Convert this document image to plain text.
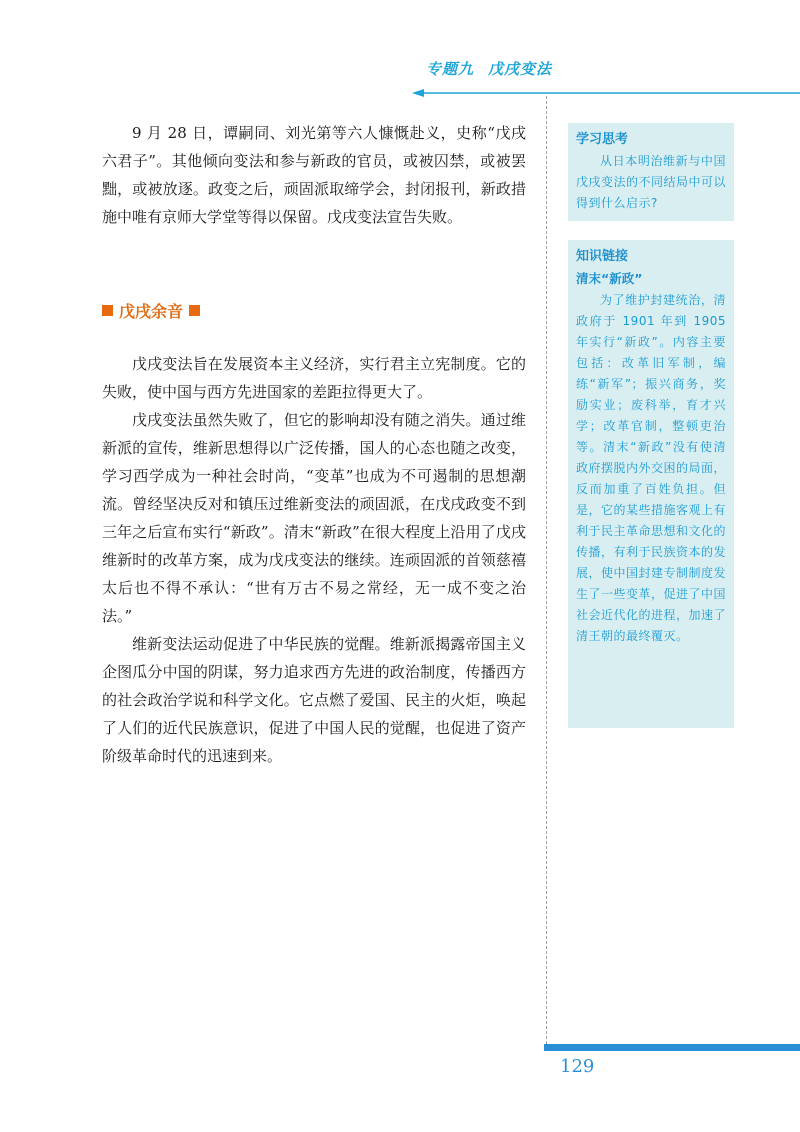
专题九 戊戌变法

9 月 28 日，谭嗣同、刘光第等六人慷慨赴义，史称“戊戌六君子”。其他倾向变法和参与新政的官员，或被囚禁，或被罢黜，或被放逐。政变之后，顽固派取缔学会，封闭报刊，新政措施中唯有京师大学堂等得以保留。戊戌变法宣告失败。

戊戌余音

戊戌变法旨在发展资本主义经济，实行君主立宪制度。它的失败，使中国与西方先进国家的差距拉得更大了。

戊戌变法虽然失败了，但它的影响却没有随之消失。通过维新派的宣传，维新思想得以广泛传播，国人的心态也随之改变，学习西学成为一种社会时尚，“变革”也成为不可遏制的思想潮流。曾经坚决反对和镇压过维新变法的顽固派，在戊戌政变不到三年之后宣布实行“新政”。清末“新政”在很大程度上沿用了戊戌维新时的改革方案，成为戊戌变法的继续。连顽固派的首领慈禧太后也不得不承认：“世有万古不易之常经，无一成不变之治法。”

维新变法运动促进了中华民族的觉醒。维新派揭露帝国主义企图瓜分中国的阴谋，努力追求西方先进的政治制度，传播西方的社会政治学说和科学文化。它点燃了爱国、民主的火炬，唤起了人们的近代民族意识，促进了中国人民的觉醒，也促进了资产阶级革命时代的迅速到来。

学习思考

从日本明治维新与中国戊戌变法的不同结局中可以得到什么启示?

知识链接
清末“新政”

为了维护封建统治，清政府于 1901 年到 1905 年实行“新政”。内容主要包括：改革旧军制，编练“新军”；振兴商务，奖励实业；废科举，育才兴学；改革官制，整顿吏治等。清末“新政”没有使清政府摆脱内外交困的局面，反而加重了百姓负担。但是，它的某些措施客观上有利于民主革命思想和文化的传播，有利于民族资本的发展，使中国封建专制制度发生了一些变革，促进了中国社会近代化的进程，加速了清王朝的最终覆灭。

129
